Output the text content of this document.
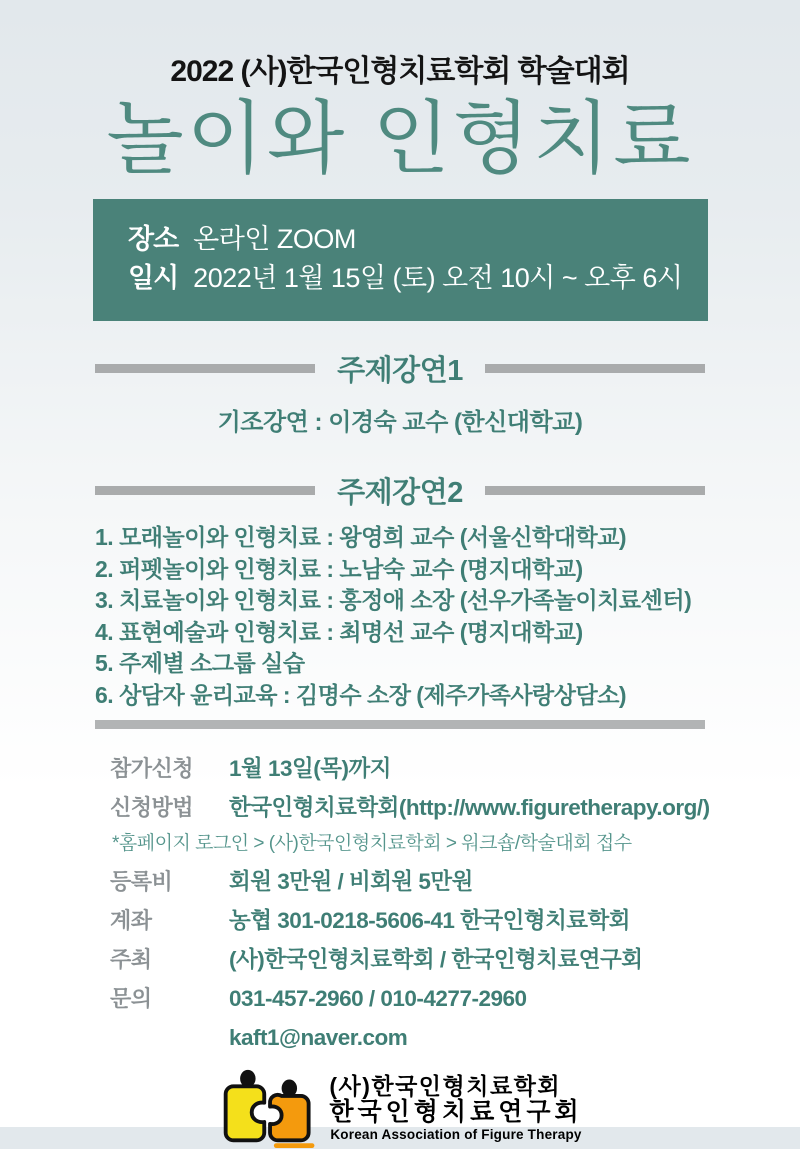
2022 (사)한국인형치료학회 학술대회
놀이와 인형치료
장소 온라인 ZOOM
일시 2022년 1월 15일 (토) 오전 10시 ~ 오후 6시
주제강연1
기조강연 : 이경숙 교수 (한신대학교)
주제강연2
1. 모래놀이와 인형치료 : 왕영희 교수 (서울신학대학교)
2. 퍼펫놀이와 인형치료 : 노남숙 교수 (명지대학교)
3. 치료놀이와 인형치료 : 홍정애 소장 (선우가족놀이치료센터)
4. 표현예술과 인형치료 : 최명선 교수 (명지대학교)
5. 주제별 소그룹 실습
6. 상담자 윤리교육 : 김명수 소장 (제주가족사랑상담소)
참가신청	1월 13일(목)까지
신청방법	한국인형치료학회(http://www.figuretherapy.org/)
*홈페이지 로그인 > (사)한국인형치료학회 > 워크숍/학술대회 접수
등록비	회원 3만원 / 비회원 5만원
계좌	농협 301-0218-5606-41 한국인형치료학회
주최	(사)한국인형치료학회 / 한국인형치료연구회
문의	031-457-2960 / 010-4277-2960
kaft1@naver.com
(사)한국인형치료학회
한국인형치료연구회
Korean Association of Figure Therapy
